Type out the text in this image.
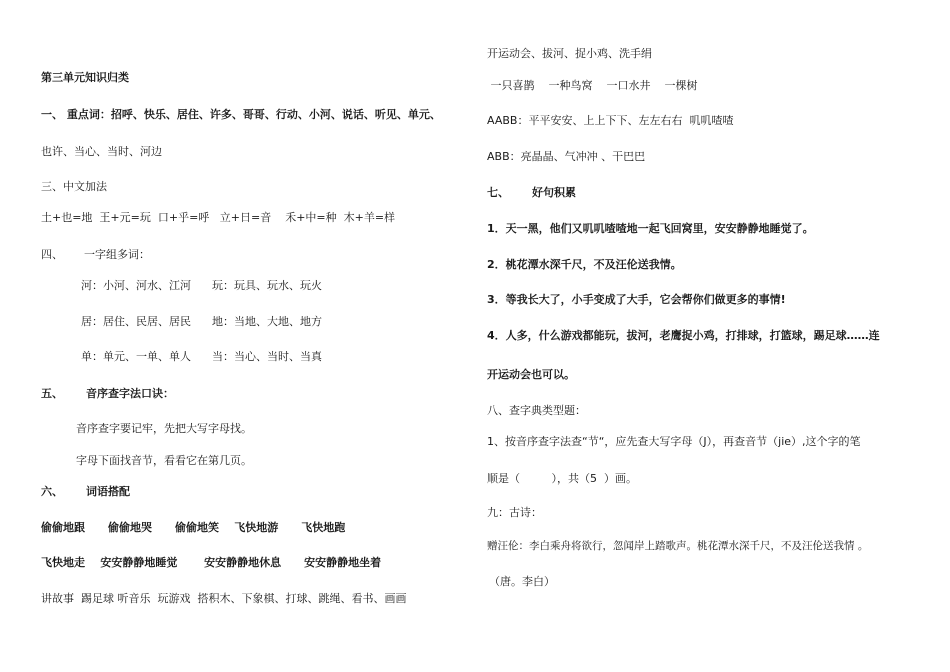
第三单元知识归类
一、 重点词：招呼、快乐、居住、许多、哥哥、行动、小河、说话、听见、单元、
也许、当心、当时、河边
三、中文加法
土+也=地  王+元=玩  口+乎=呼   立+日=音    禾+中=种  木+羊=样
四、      一字组多词：
河：小河、河水、江河      玩：玩具、玩水、玩火
居：居住、民居、居民      地：当地、大地、地方
单：单元、一单、单人      当：当心、当时、当真
五、      音序查字法口诀：
音序查字要记牢，先把大写字母找。
字母下面找音节，看看它在第几页。
六、      词语搭配
偷偷地跟      偷偷地哭      偷偷地笑    飞快地游      飞快地跑
飞快地走    安安静静地睡觉       安安静静地休息      安安静静地坐着
讲故事  踢足球 听音乐  玩游戏  搭积木、下象棋、打球、跳绳、看书、画画
开运动会、拔河、捉小鸡、洗手绢
一只喜鹊    一种鸟窝    一口水井    一棵树
AABB：平平安安、上上下下、左左右右  叽叽喳喳
ABB：亮晶晶、气冲冲 、干巴巴
七、      好句积累
1．天一黑，他们又叽叽喳喳地一起飞回窝里，安安静静地睡觉了。
2．桃花潭水深千尺，不及汪伦送我情。
3．等我长大了，小手变成了大手，它会帮你们做更多的事情!
4．人多，什么游戏都能玩，拔河，老鹰捉小鸡，打排球，打篮球，踢足球……连
开运动会也可以。
八、查字典类型题：
1、按音序查字法查“节“，应先查大写字母（J），再查音节（jie）,这个字的笔
顺是（         ），共（5  ）画。
九：古诗：
赠汪伦：李白乘舟将欲行，忽闻岸上踏歌声。桃花潭水深千尺，不及汪伦送我情 。
（唐。李白）
